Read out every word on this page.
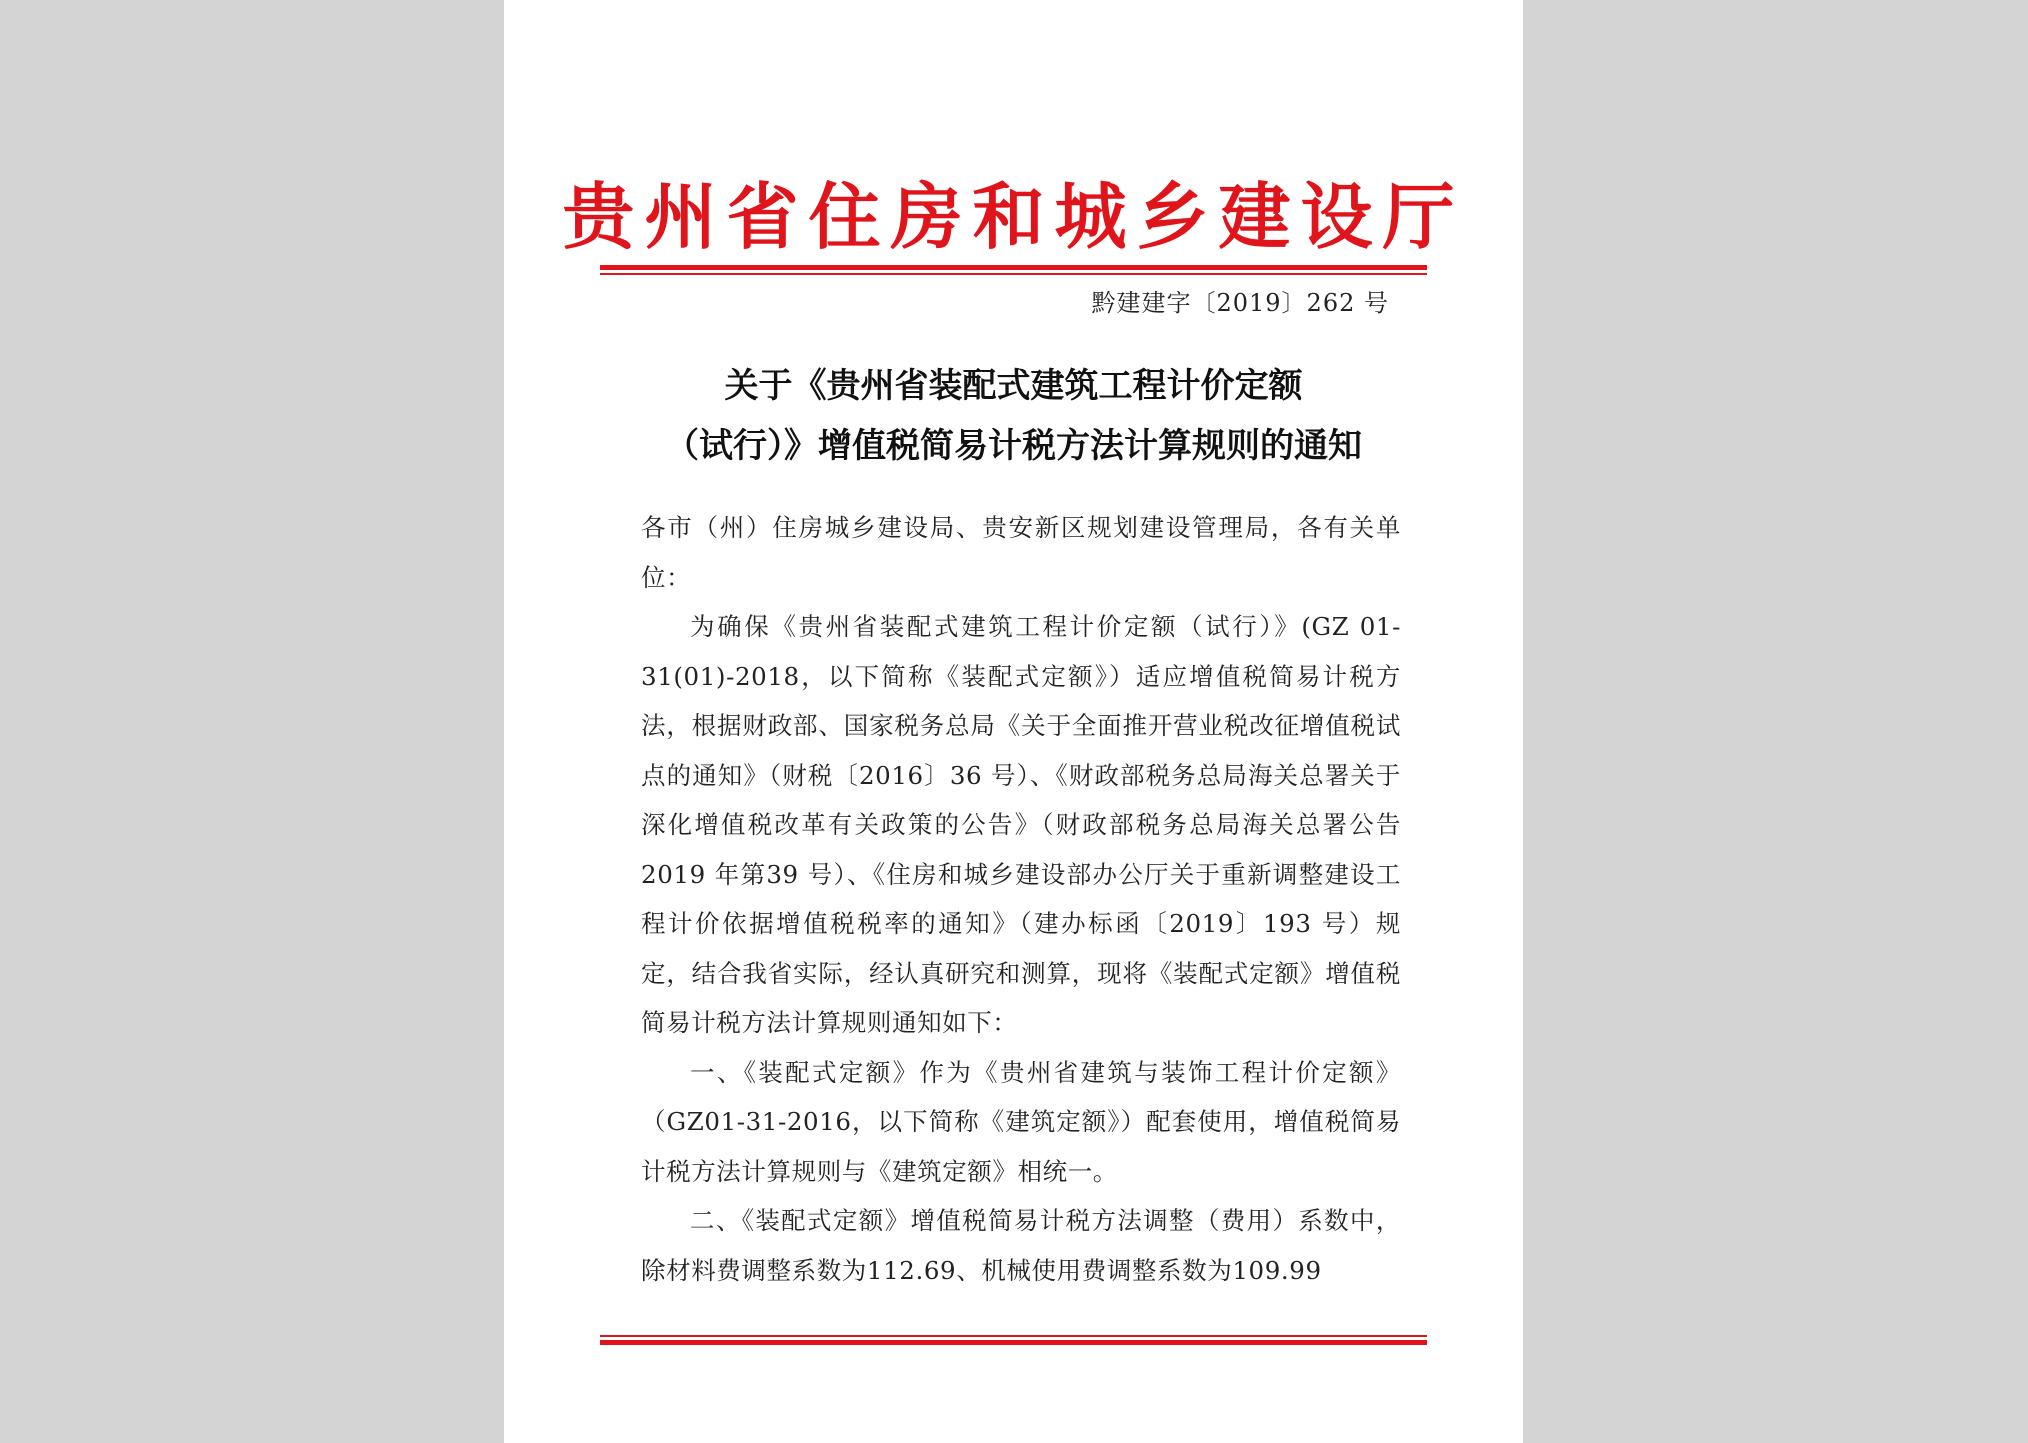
贵州省住房和城乡建设厅
黔建建字〔2019〕262 号
关于《贵州省装配式建筑工程计价定额
（试行）》增值税简易计税方法计算规则的通知

各市（州）住房城乡建设局、贵安新区规划建设管理局，各有关单位：

为确保《贵州省装配式建筑工程计价定额（试行）》(GZ 01-31(01)-2018，以下简称《装配式定额》）适应增值税简易计税方法，根据财政部、国家税务总局《关于全面推开营业税改征增值税试点的通知》（财税〔2016〕36 号）、《财政部税务总局海关总署关于深化增值税改革有关政策的公告》（财政部税务总局海关总署公告2019 年第39 号）、《住房和城乡建设部办公厅关于重新调整建设工程计价依据增值税税率的通知》（建办标函〔2019〕193 号）规定，结合我省实际，经认真研究和测算，现将《装配式定额》增值税简易计税方法计算规则通知如下：

一、《装配式定额》作为《贵州省建筑与装饰工程计价定额》（GZ01-31-2016，以下简称《建筑定额》）配套使用，增值税简易计税方法计算规则与《建筑定额》相统一。

二、《装配式定额》增值税简易计税方法调整（费用）系数中，除材料费调整系数为112.69、机械使用费调整系数为109.99
